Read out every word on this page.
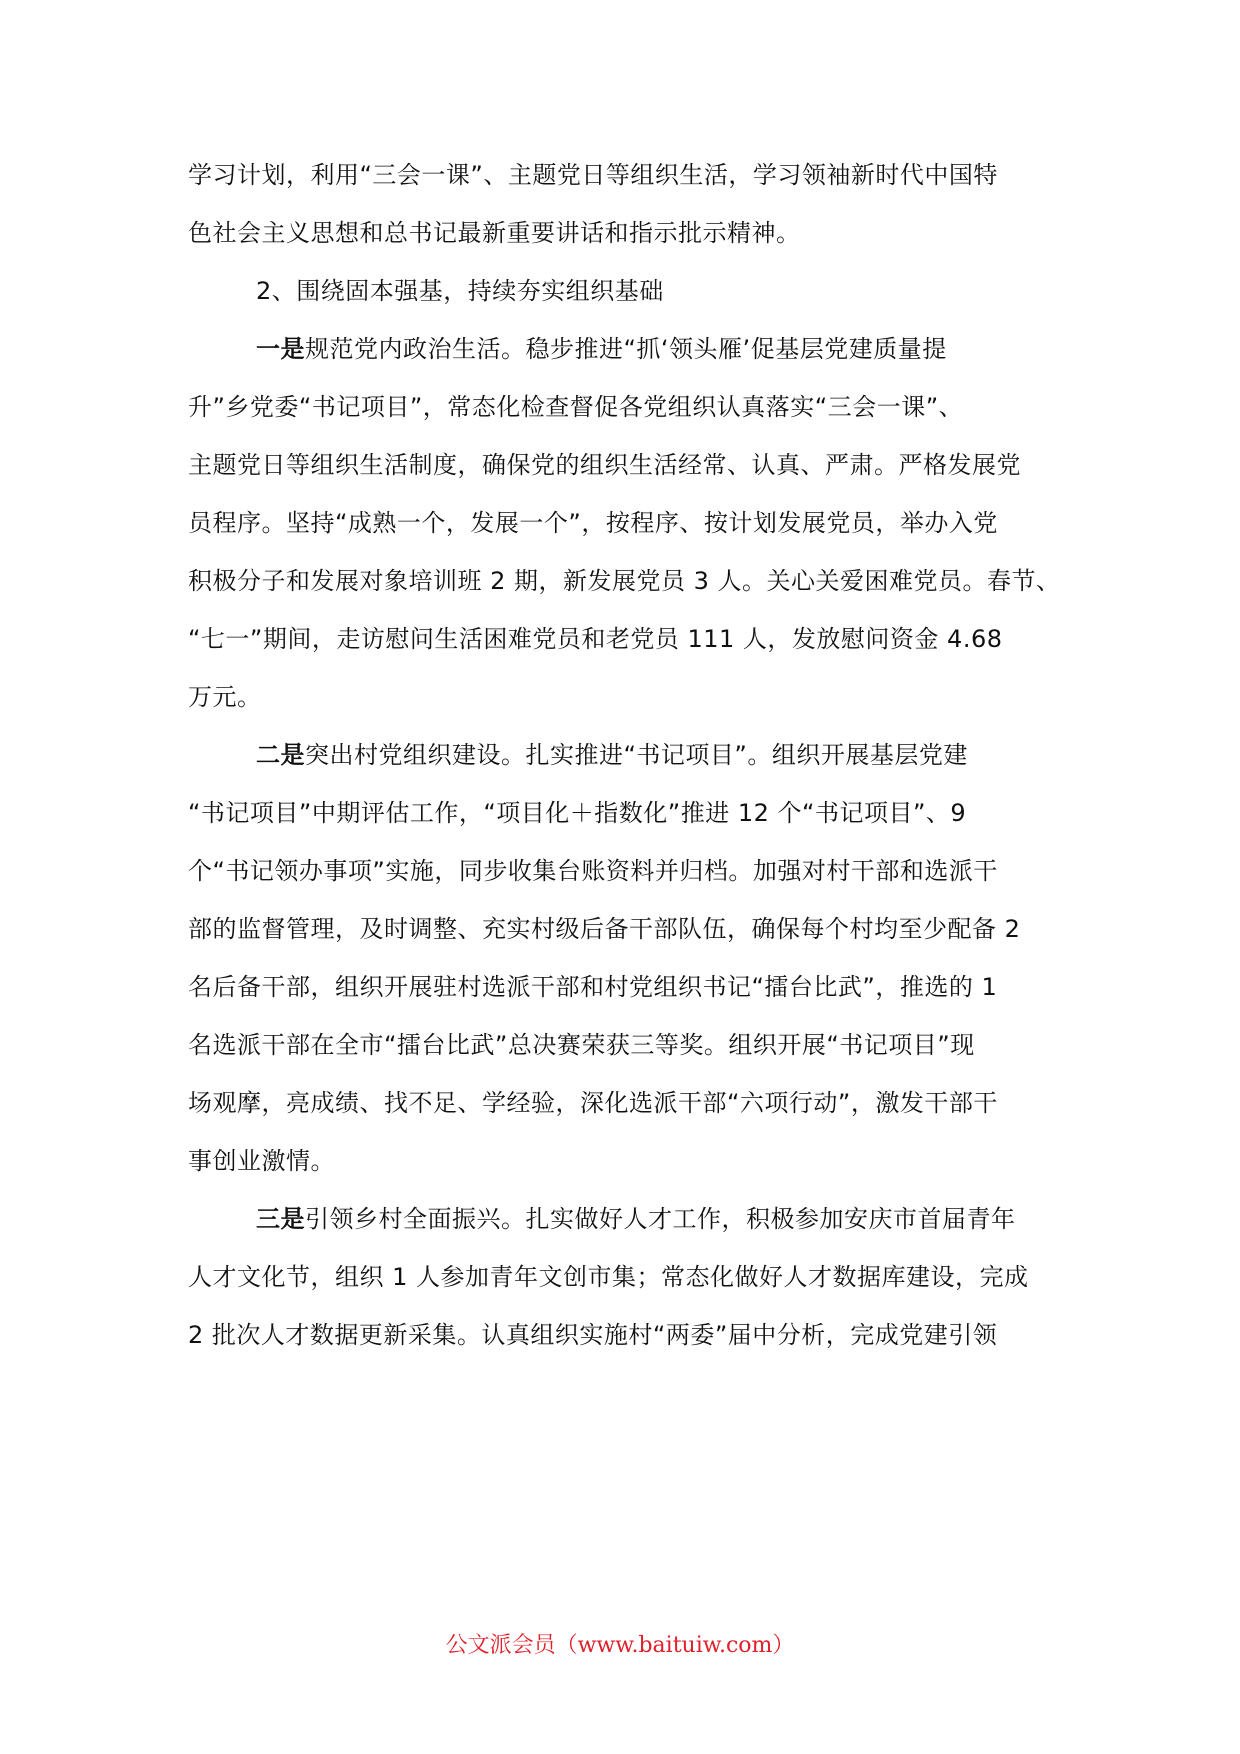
学习计划，利用“三会一课”、主题党日等组织生活，学习领袖新时代中国特
色社会主义思想和总书记最新重要讲话和指示批示精神。
2、围绕固本强基，持续夯实组织基础
一是规范党内政治生活。稳步推进“抓‘领头雁’促基层党建质量提
升”乡党委“书记项目”，常态化检查督促各党组织认真落实“三会一课”、
主题党日等组织生活制度，确保党的组织生活经常、认真、严肃。严格发展党
员程序。坚持“成熟一个，发展一个”，按程序、按计划发展党员，举办入党
积极分子和发展对象培训班 2 期，新发展党员 3 人。关心关爱困难党员。春节、
“七一”期间，走访慰问生活困难党员和老党员 111 人，发放慰问资金 4.68
万元。
二是突出村党组织建设。扎实推进“书记项目”。组织开展基层党建
“书记项目”中期评估工作，“项目化＋指数化”推进 12 个“书记项目”、9
个“书记领办事项”实施，同步收集台账资料并归档。加强对村干部和选派干
部的监督管理，及时调整、充实村级后备干部队伍，确保每个村均至少配备 2
名后备干部，组织开展驻村选派干部和村党组织书记“擂台比武”，推选的 1
名选派干部在全市“擂台比武”总决赛荣获三等奖。组织开展“书记项目”现
场观摩，亮成绩、找不足、学经验，深化选派干部“六项行动”，激发干部干
事创业激情。
三是引领乡村全面振兴。扎实做好人才工作，积极参加安庆市首届青年
人才文化节，组织 1 人参加青年文创市集；常态化做好人才数据库建设，完成
2 批次人才数据更新采集。认真组织实施村“两委”届中分析，完成党建引领
公文派会员（www.baituiw.com）
